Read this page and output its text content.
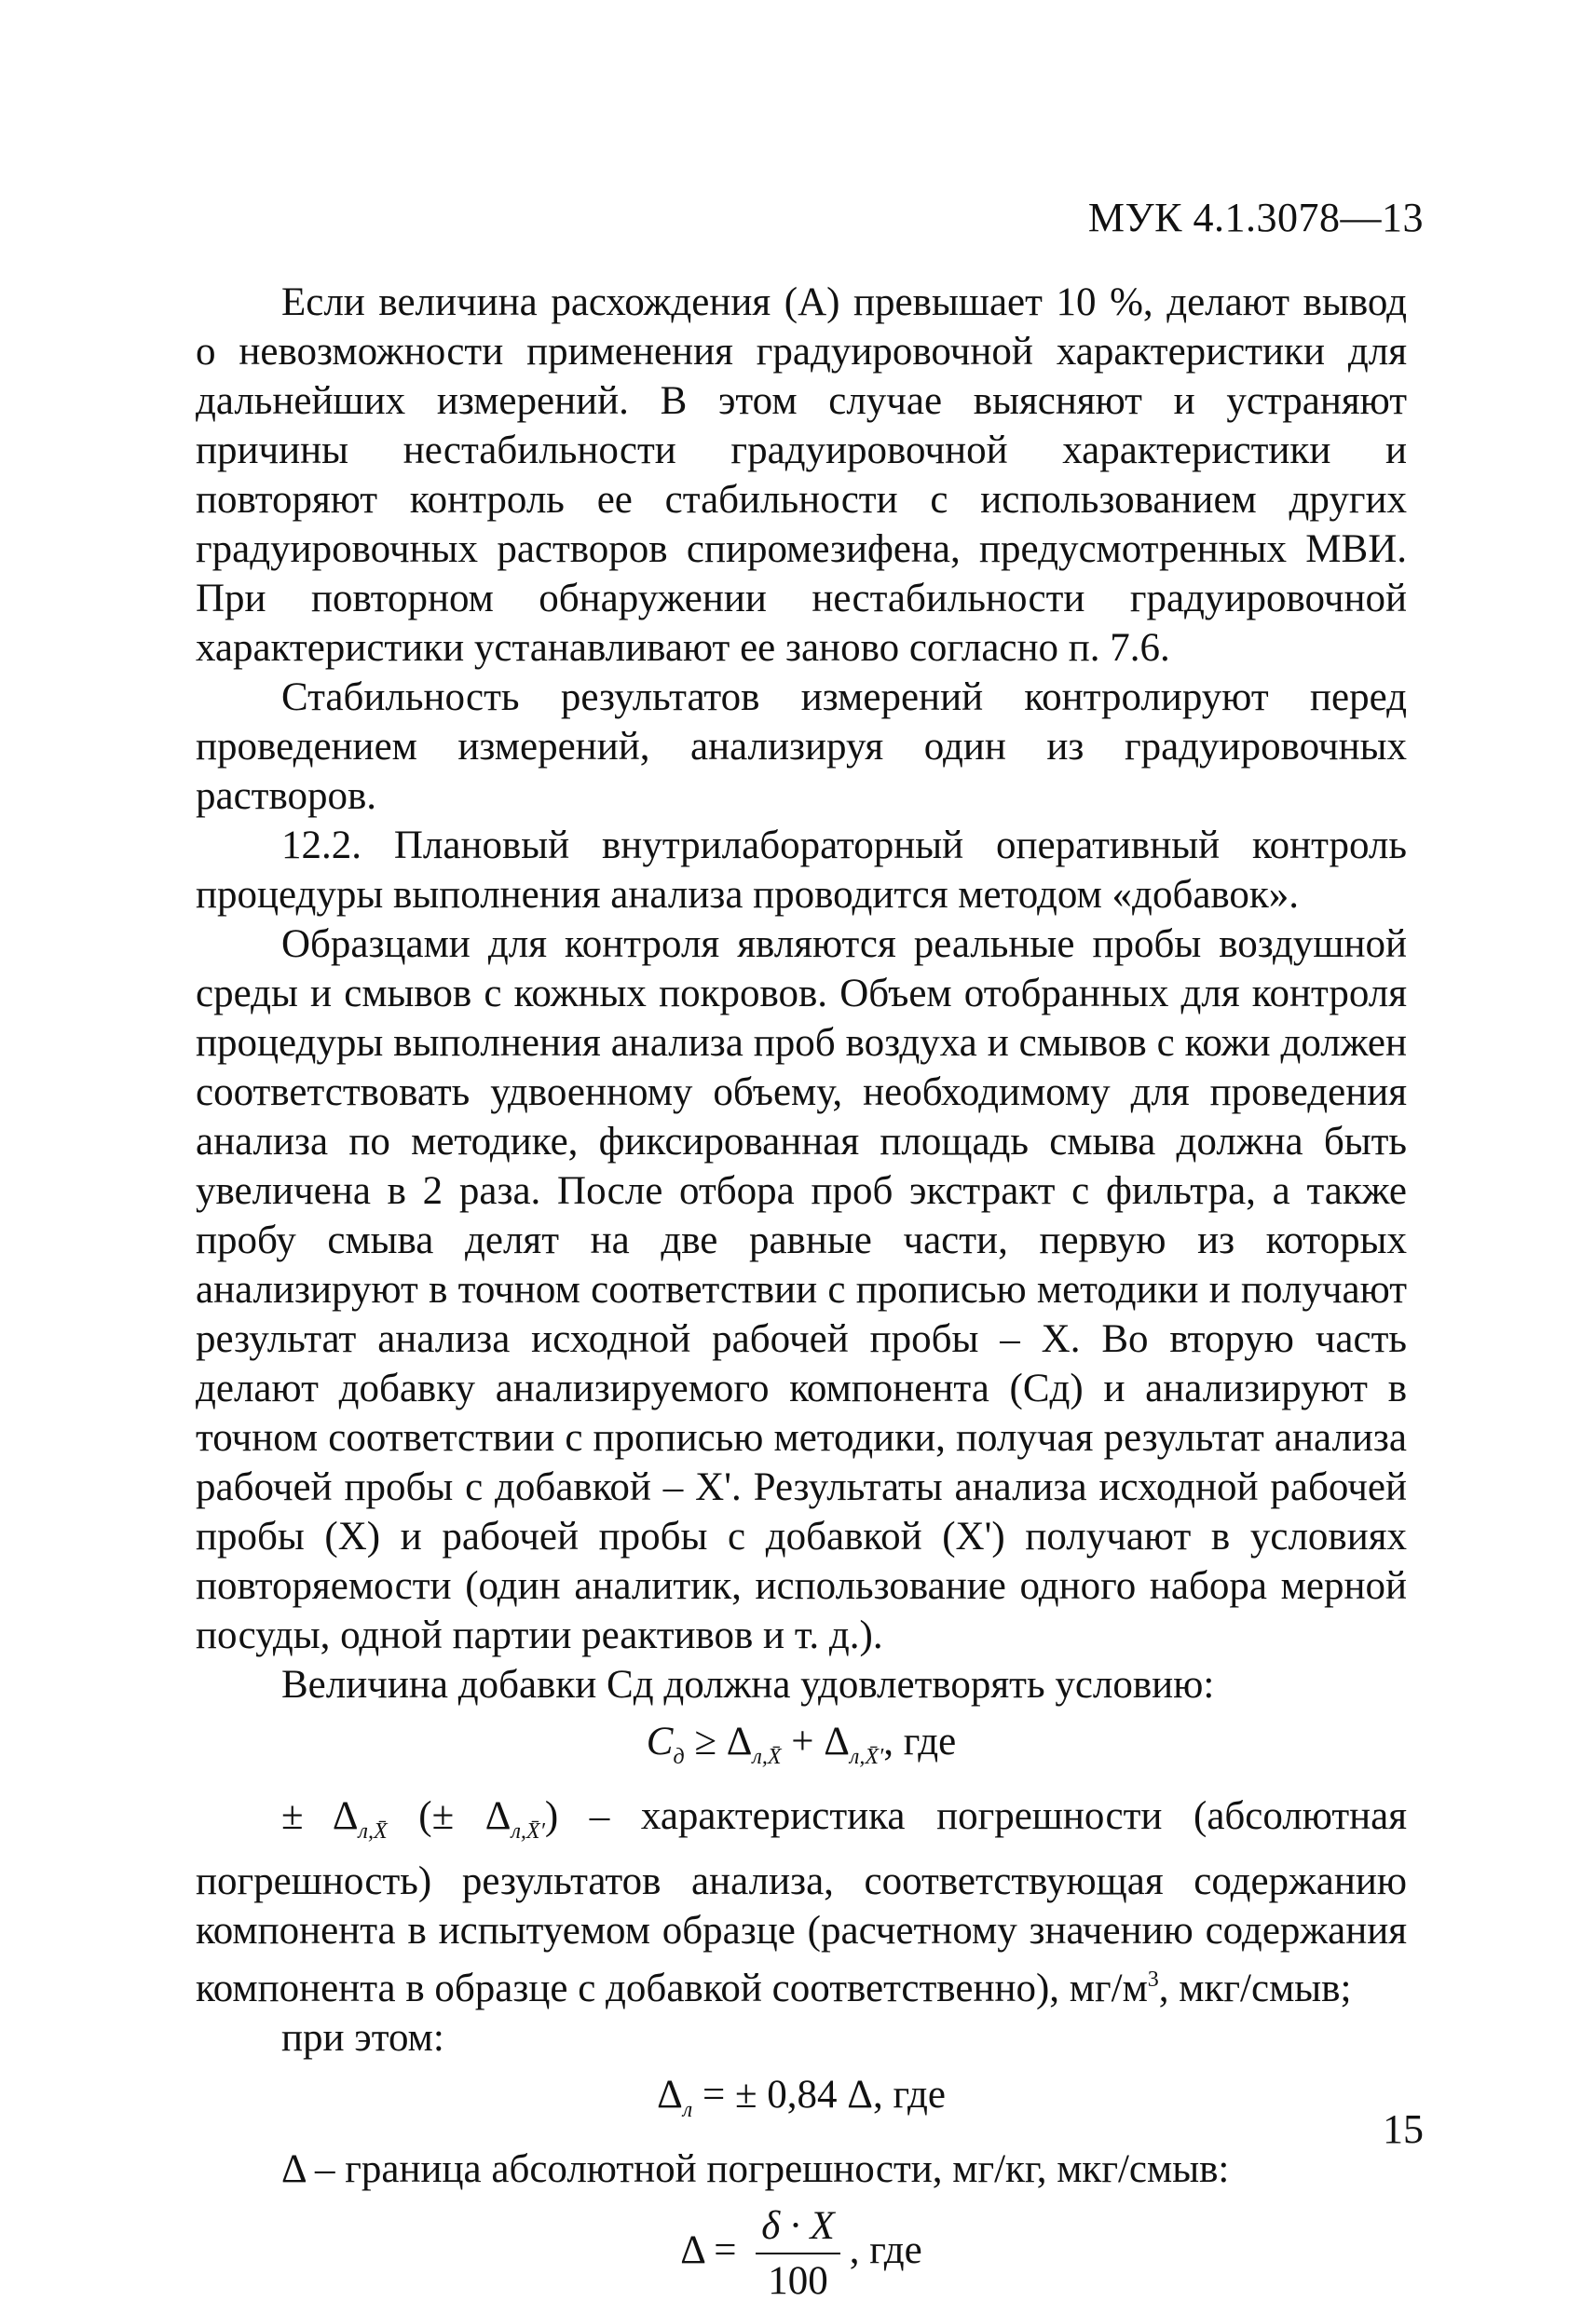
МУК 4.1.3078—13

Если величина расхождения (A) превышает 10 %, делают вывод о невозможности применения градуировочной характеристики для дальнейших измерений. В этом случае выясняют и устраняют причины нестабильности градуировочной характеристики и повторяют контроль ее стабильности с использованием других градуировочных растворов спиромезифена, предусмотренных МВИ. При повторном обнаружении нестабильности градуировочной характеристики устанавливают ее заново согласно п. 7.6.

Стабильность результатов измерений контролируют перед проведением измерений, анализируя один из градуировочных растворов.

12.2. Плановый внутрилабораторный оперативный контроль процедуры выполнения анализа проводится методом «добавок».

Образцами для контроля являются реальные пробы воздушной среды и смывов с кожных покровов. Объем отобранных для контроля процедуры выполнения анализа проб воздуха и смывов с кожи должен соответствовать удвоенному объему, необходимому для проведения анализа по методике, фиксированная площадь смыва должна быть увеличена в 2 раза. После отбора проб экстракт с фильтра, а также пробу смыва делят на две равные части, первую из которых анализируют в точном соответствии с прописью методики и получают результат анализа исходной рабочей пробы – X. Во вторую часть делают добавку анализируемого компонента (Cд) и анализируют в точном соответствии с прописью методики, получая результат анализа рабочей пробы с добавкой – X'. Результаты анализа исходной рабочей пробы (X) и рабочей пробы с добавкой (X') получают в условиях повторяемости (один аналитик, использование одного набора мерной посуды, одной партии реактивов и т. д.).

Величина добавки Cд должна удовлетворять условию:

$C_д \ge \Delta_{л,X̄} + \Delta_{л,X̄'}$, где

± $\Delta_{л,X̄}$ (± $\Delta_{л,X̄'}$) – характеристика погрешности (абсолютная погрешность) результатов анализа, соответствующая содержанию компонента в испытуемом образце (расчетному значению содержания компонента в образце с добавкой соответственно), $мг/м^3$, мкг/смыв;

при этом:
$\Delta_л$ = ± 0,84 Δ, где
Δ – граница абсолютной погрешности, мг/кг, мкг/смыв:
$\Delta = \frac{\delta \cdot X}{100}$ , где
15
